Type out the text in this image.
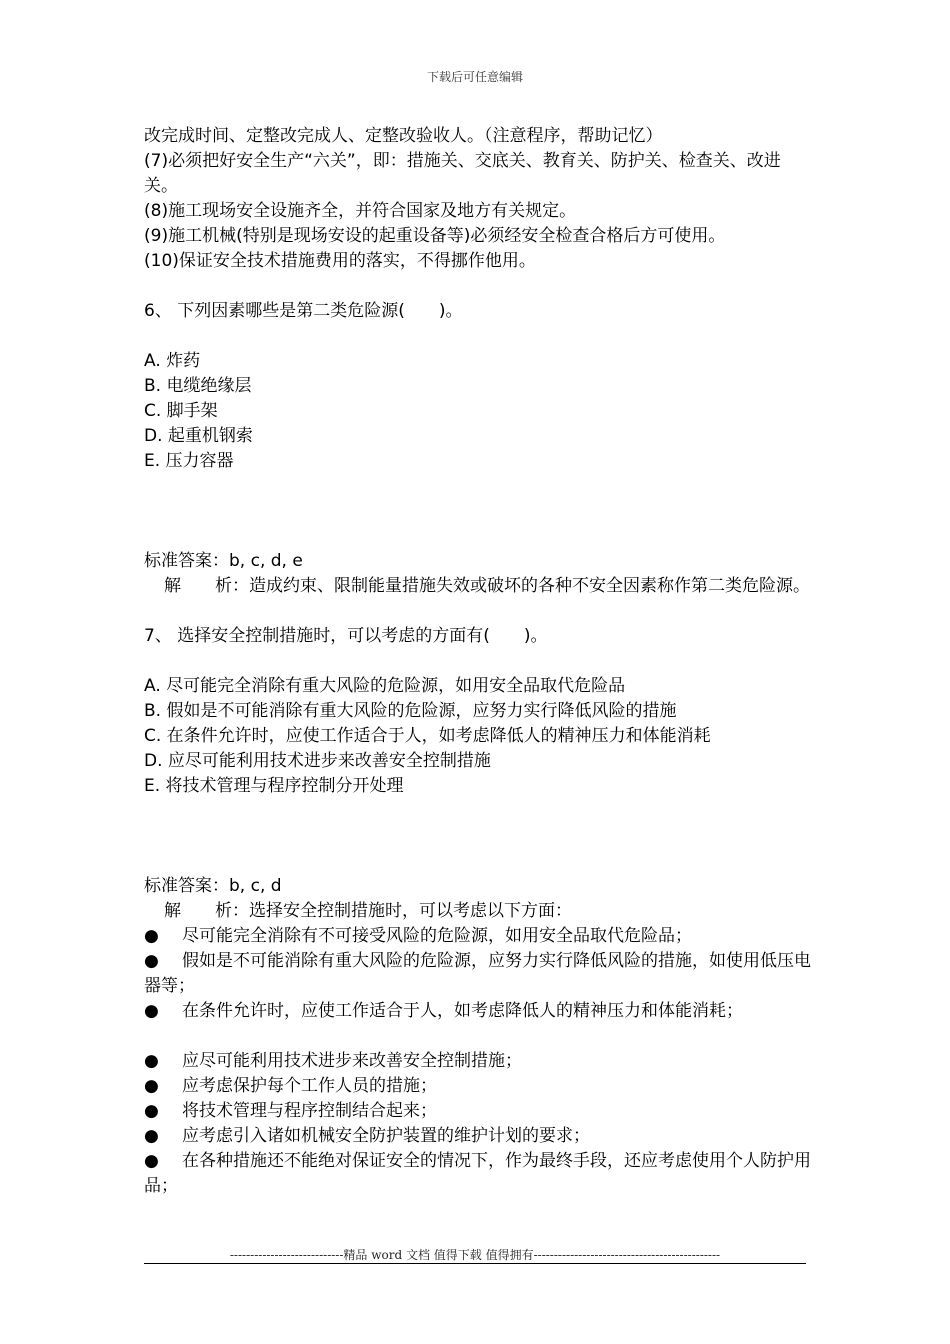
下载后可任意编辑
改完成时间、定整改完成人、定整改验收人。（注意程序，帮助记忆）
(7)必须把好安全生产“六关”，即：措施关、交底关、教育关、防护关、检查关、改进关。
(8)施工现场安全设施齐全，并符合国家及地方有关规定。
(9)施工机械(特别是现场安设的起重设备等)必须经安全检查合格后方可使用。
(10)保证安全技术措施费用的落实，不得挪作他用。
6、 下列因素哪些是第二类危险源(　　)。
A. 炸药
B. 电缆绝缘层
C. 脚手架
D. 起重机钢索
E. 压力容器
标准答案：b, c, d, e
解　　析：造成约束、限制能量措施失效或破坏的各种不安全因素称作第二类危险源。
7、 选择安全控制措施时，可以考虑的方面有(　　)。
A. 尽可能完全消除有重大风险的危险源，如用安全品取代危险品
B. 假如是不可能消除有重大风险的危险源，应努力实行降低风险的措施
C. 在条件允许时，应使工作适合于人，如考虑降低人的精神压力和体能消耗
D. 应尽可能利用技术进步来改善安全控制措施
E. 将技术管理与程序控制分开处理
标准答案：b, c, d
解　　析：选择安全控制措施时，可以考虑以下方面：
● 尽可能完全消除有不可接受风险的危险源，如用安全品取代危险品；
● 假如是不可能消除有重大风险的危险源，应努力实行降低风险的措施，如使用低压电器等；
● 在条件允许时，应使工作适合于人，如考虑降低人的精神压力和体能消耗；
● 应尽可能利用技术进步来改善安全控制措施；
● 应考虑保护每个工作人员的措施；
● 将技术管理与程序控制结合起来；
● 应考虑引入诸如机械安全防护装置的维护计划的要求；
● 在各种措施还不能绝对保证安全的情况下，作为最终手段，还应考虑使用个人防护用品；
----------------------------精品 word 文档 值得下载 值得拥有----------------------------------------------
